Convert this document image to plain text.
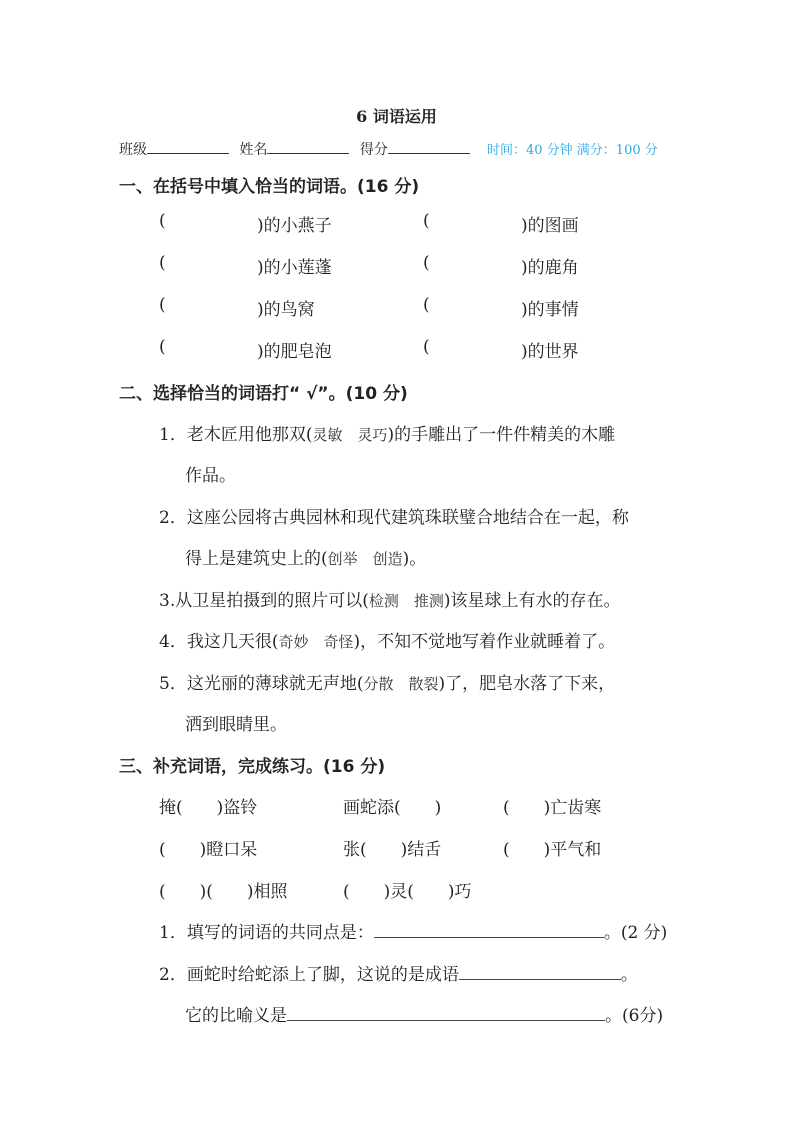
6 词语运用
班级	姓名	得分	时间：40 分钟 满分：100 分
一、在括号中填入恰当的词语。(16 分)
(	)的小燕子	(	)的图画
(	)的小莲蓬	(	)的鹿角
(	)的鸟窝	(	)的事情
(	)的肥皂泡	(	)的世界
二、选择恰当的词语打“ √”。(10 分)
1．老木匠用他那双(灵敏　灵巧)的手雕出了一件件精美的木雕
作品。
2．这座公园将古典园林和现代建筑珠联璧合地结合在一起，称
得上是建筑史上的(创举　创造)。
3.从卫星拍摄到的照片可以(检测　推测)该星球上有水的存在。
4．我这几天很(奇妙　奇怪)，不知不觉地写着作业就睡着了。
5．这光丽的薄球就无声地(分散　散裂)了，肥皂水落了下来，
洒到眼睛里。
三、补充词语，完成练习。(16 分)
掩(　　)盗铃	画蛇添(　　)	(　　)亡齿寒
(　　)瞪口呆	张(　　)结舌	(　　)平气和
(　　)(　　)相照	(　　)灵(　　)巧
1．填写的词语的共同点是：	。(2 分)
2．画蛇时给蛇添上了脚，这说的是成语	。
它的比喻义是	。(6分)
